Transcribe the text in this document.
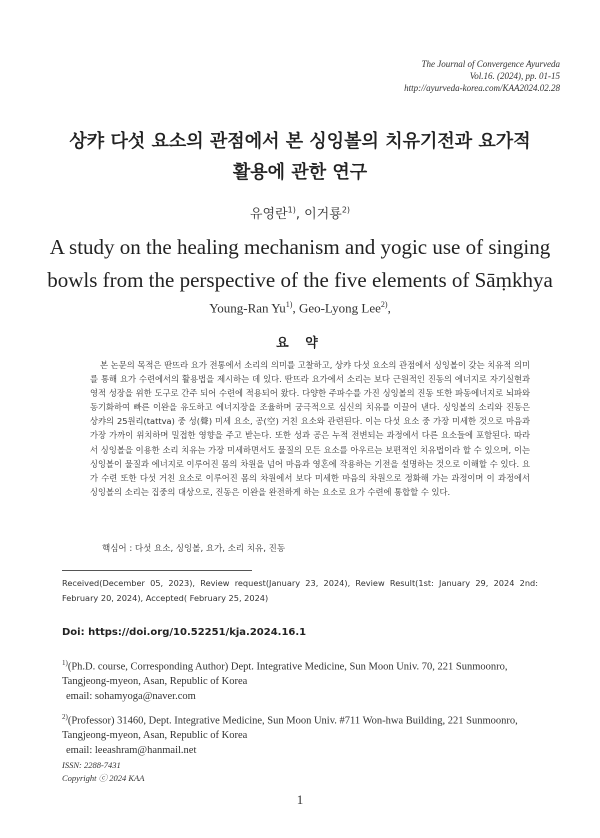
The Journal of Convergence Ayurveda
Vol.16. (2024), pp. 01-15
http://ayurveda-korea.com/KAA2024.02.28
상캬 다섯 요소의 관점에서 본 싱잉볼의 치유기전과 요가적
활용에 관한 연구
유영란$^{1)}$, 이거룡$^{2)}$
A study on the healing mechanism and yogic use of singing
bowls from the perspective of the five elements of Sāṃkhya
Young-Ran Yu$^{1)}$, Geo-Lyong Lee$^{2)}$,
요 약

본 논문의 목적은 딴뜨라 요가 전통에서 소리의 의미를 고찰하고, 상캬 다섯 요소의 관점에서 싱잉볼이 갖는 치유적 의미를 통해 요가 수련에서의 활용법을 제시하는 데 있다. 딴뜨라 요가에서 소리는 보다 근원적인 진동의 에너지로 자기실현과 영적 성장을 위한 도구로 간주 되어 수련에 적용되어 왔다. 다양한 주파수를 가진 싱잉볼의 진동 또한 파동에너지로 뇌파와 동기화하여 빠른 이완을 유도하고 에너지장을 조율하며 궁극적으로 심신의 치유를 이끌어 낸다. 싱잉볼의 소리와 진동은 상캬의 25원리(tattva) 중 성(聲) 미세 요소, 공(空) 거친 요소와 관련된다. 이는 다섯 요소 중 가장 미세한 것으로 마음과 가장 가까이 위치하며 밀접한 영향을 주고 받는다. 또한 성과 공은 누적 전변되는 과정에서 다른 요소들에 포함된다. 따라서 싱잉볼을 이용한 소리 치유는 가장 미세하면서도 물질의 모든 요소를 아우르는 보편적인 치유법이라 할 수 있으며, 이는 싱잉볼이 물질과 에너지로 이루어진 몸의 차원을 넘어 마음과 영혼에 작용하는 기전을 설명하는 것으로 이해할 수 있다. 요가 수련 또한 다섯 거친 요소로 이루어진 몸의 차원에서 보다 미세한 마음의 차원으로 정화해 가는 과정이며 이 과정에서 싱잉볼의 소리는 집중의 대상으로, 진동은 이완을 완전하게 하는 요소로 요가 수련에 통합할 수 있다.

핵심어 : 다섯 요소, 싱잉볼, 요가, 소리 치유, 진동

Received(December 05, 2023), Review request(January 23, 2024), Review Result(1st: January 29, 2024 2nd: February 20, 2024), Accepted( February 25, 2024)

Doi: https://doi.org/10.52251/kja.2024.16.1

$^{1)}$(Ph.D. course, Corresponding Author) Dept. Integrative Medicine, Sun Moon Univ. 70, 221 Sunmoonro, Tangjeong-myeon, Asan, Republic of Korea

email: sohamyoga@naver.com

$^{2)}$(Professor) 31460, Dept. Integrative Medicine, Sun Moon Univ. #711 Won-hwa Building, 221 Sunmoonro, Tangjeong-myeon, Asan, Republic of Korea

email: leeashram@hanmail.net

ISSN: 2288-7431
Copyright ⓒ 2024 KAA
1
